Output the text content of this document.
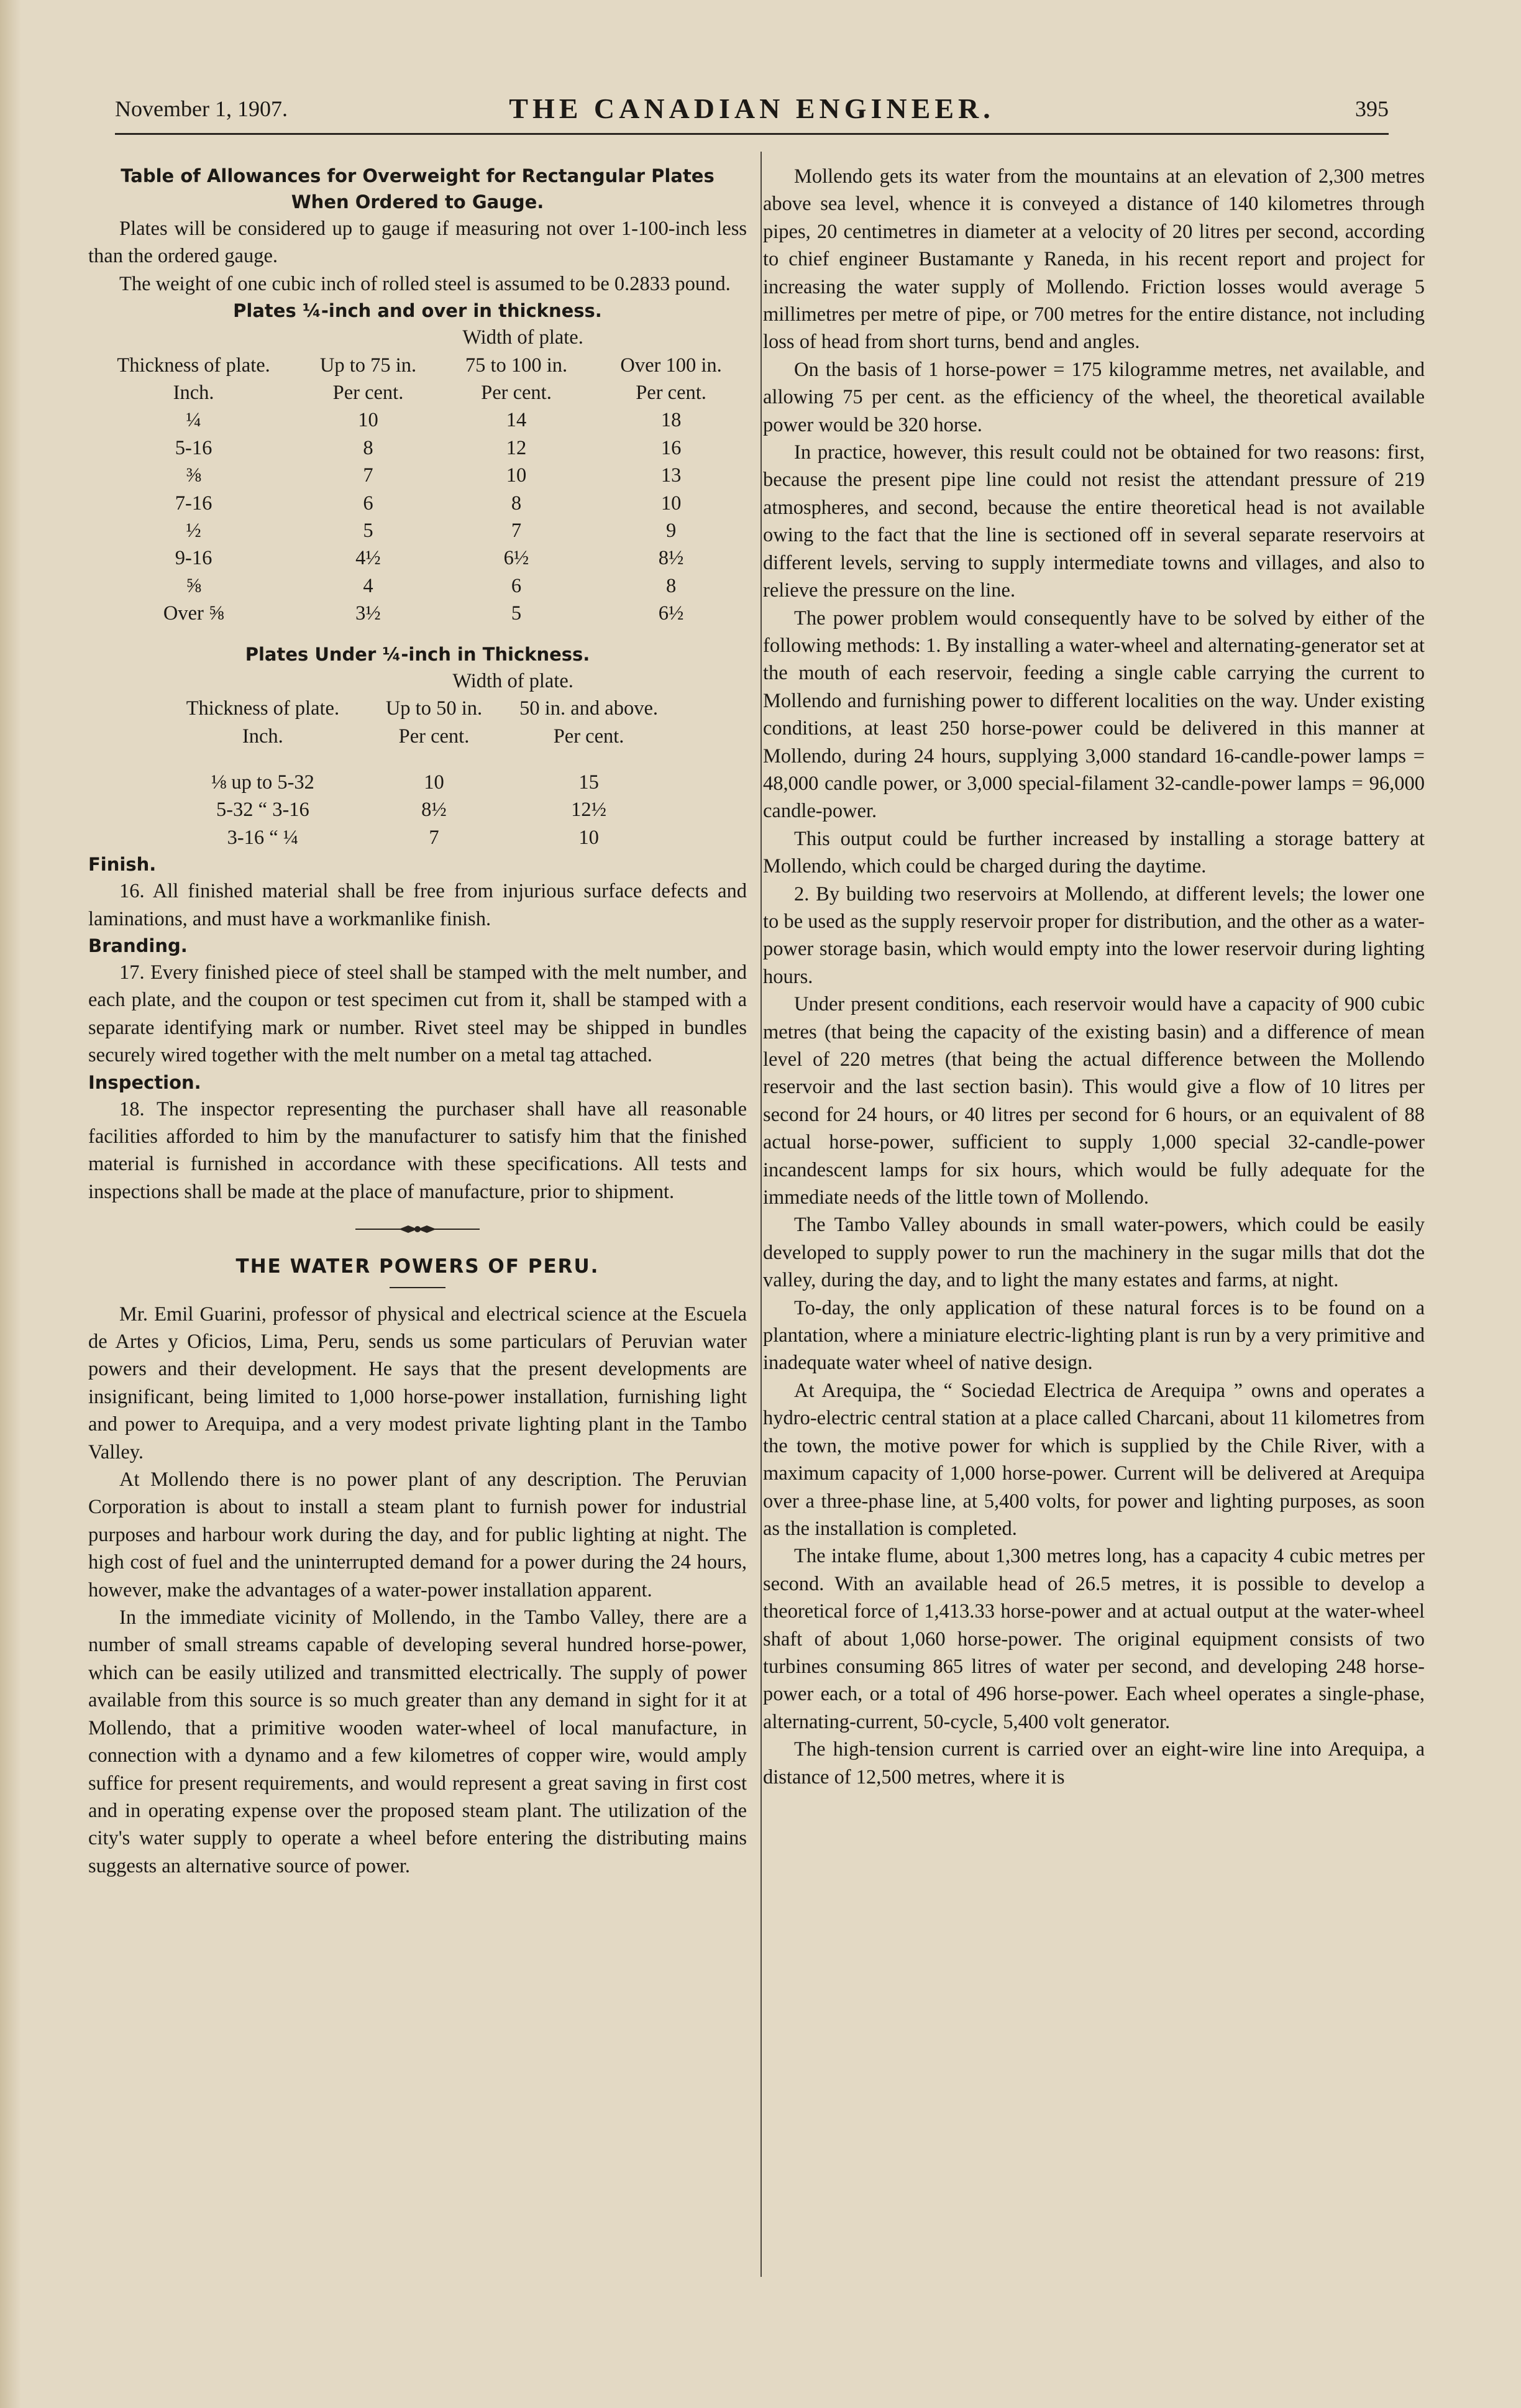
November 1, 1907.	THE CANADIAN ENGINEER.	395
Table of Allowances for Overweight for Rectangular Plates
When Ordered to Gauge.

Plates will be considered up to gauge if measuring not over 1-100-inch less than the ordered gauge.

The weight of one cubic inch of rolled steel is assumed to be 0.2833 pound.

Plates ¼-inch and over in thickness.
	Width of plate.		
Thickness of plate.	Up to 75 in.	75 to 100 in.	Over 100 in.
Inch.	Per cent.	Per cent.	Per cent.
¼	10	14	18
5-16	8	12	16
⅜	7	10	13
7-16	6	8	10
½	5	7	9
9-16	4½	6½	8½
⅝	4	6	8
Over ⅝	3½	5	6½
Plates Under ¼-inch in Thickness.
		Width of plate.		
	Thickness of plate.	Up to 50 in.	50 in. and above.	
	Inch.	Per cent.	Per cent.	

	⅛ up to 5-32	10	15	
	5-32 “ 3-16	8½	12½	
	3-16 “ ¼	7	10	
Finish.

16. All finished material shall be free from injurious surface defects and laminations, and must have a workmanlike finish.

Branding.

17. Every finished piece of steel shall be stamped with the melt number, and each plate, and the coupon or test specimen cut from it, shall be stamped with a separate identifying mark or number. Rivet steel may be shipped in bundles securely wired together with the melt number on a metal tag attached.

Inspection.

18. The inspector representing the purchaser shall have all reasonable facilities afforded to him by the manufacturer to satisfy him that the finished material is furnished in accordance with these specifications. All tests and inspections shall be made at the place of manufacture, prior to shipment.

THE WATER POWERS OF PERU.

Mr. Emil Guarini, professor of physical and electrical science at the Escuela de Artes y Oficios, Lima, Peru, sends us some particulars of Peruvian water powers and their development. He says that the present developments are insignificant, being limited to 1,000 horse-power installation, furnishing light and power to Arequipa, and a very modest private lighting plant in the Tambo Valley.

At Mollendo there is no power plant of any description. The Peruvian Corporation is about to install a steam plant to furnish power for industrial purposes and harbour work during the day, and for public lighting at night. The high cost of fuel and the uninterrupted demand for a power during the 24 hours, however, make the advantages of a water-power installation apparent.

In the immediate vicinity of Mollendo, in the Tambo Valley, there are a number of small streams capable of developing several hundred horse-power, which can be easily utilized and transmitted electrically. The supply of power available from this source is so much greater than any demand in sight for it at Mollendo, that a primitive wooden water-wheel of local manufacture, in connection with a dynamo and a few kilometres of copper wire, would amply suffice for present requirements, and would represent a great saving in first cost and in operating expense over the proposed steam plant. The utilization of the city's water supply to operate a wheel before entering the distributing mains suggests an alternative source of power.

Mollendo gets its water from the mountains at an elevation of 2,300 metres above sea level, whence it is conveyed a distance of 140 kilometres through pipes, 20 centimetres in diameter at a velocity of 20 litres per second, according to chief engineer Bustamante y Raneda, in his recent report and project for increasing the water supply of Mollendo. Friction losses would average 5 millimetres per metre of pipe, or 700 metres for the entire distance, not including loss of head from short turns, bend and angles.

On the basis of 1 horse-power = 175 kilogramme metres, net available, and allowing 75 per cent. as the efficiency of the wheel, the theoretical available power would be 320 horse.

In practice, however, this result could not be obtained for two reasons: first, because the present pipe line could not resist the attendant pressure of 219 atmospheres, and second, because the entire theoretical head is not available owing to the fact that the line is sectioned off in several separate reservoirs at different levels, serving to supply intermediate towns and villages, and also to relieve the pressure on the line.

The power problem would consequently have to be solved by either of the following methods: 1. By installing a water-wheel and alternating-generator set at the mouth of each reservoir, feeding a single cable carrying the current to Mollendo and furnishing power to different localities on the way. Under existing conditions, at least 250 horse-power could be delivered in this manner at Mollendo, during 24 hours, supplying 3,000 standard 16-candle-power lamps = 48,000 candle power, or 3,000 special-filament 32-candle-power lamps = 96,000 candle-power.

This output could be further increased by installing a storage battery at Mollendo, which could be charged during the daytime.

2. By building two reservoirs at Mollendo, at different levels; the lower one to be used as the supply reservoir proper for distribution, and the other as a water-power storage basin, which would empty into the lower reservoir during lighting hours.

Under present conditions, each reservoir would have a capacity of 900 cubic metres (that being the capacity of the existing basin) and a difference of mean level of 220 metres (that being the actual difference between the Mollendo reservoir and the last section basin). This would give a flow of 10 litres per second for 24 hours, or 40 litres per second for 6 hours, or an equivalent of 88 actual horse-power, sufficient to supply 1,000 special 32-candle-power incandescent lamps for six hours, which would be fully adequate for the immediate needs of the little town of Mollendo.

The Tambo Valley abounds in small water-powers, which could be easily developed to supply power to run the machinery in the sugar mills that dot the valley, during the day, and to light the many estates and farms, at night.

To-day, the only application of these natural forces is to be found on a plantation, where a miniature electric-lighting plant is run by a very primitive and inadequate water wheel of native design.

At Arequipa, the “ Sociedad Electrica de Arequipa ” owns and operates a hydro-electric central station at a place called Charcani, about 11 kilometres from the town, the motive power for which is supplied by the Chile River, with a maximum capacity of 1,000 horse-power. Current will be delivered at Arequipa over a three-phase line, at 5,400 volts, for power and lighting purposes, as soon as the installation is completed.

The intake flume, about 1,300 metres long, has a capacity 4 cubic metres per second. With an available head of 26.5 metres, it is possible to develop a theoretical force of 1,413.33 horse-power and at actual output at the water-wheel shaft of about 1,060 horse-power. The original equipment consists of two turbines consuming 865 litres of water per second, and developing 248 horse-power each, or a total of 496 horse-power. Each wheel operates a single-phase, alternating-current, 50-cycle, 5,400 volt generator.

The high-tension current is carried over an eight-wire line into Arequipa, a distance of 12,500 metres, where it is
